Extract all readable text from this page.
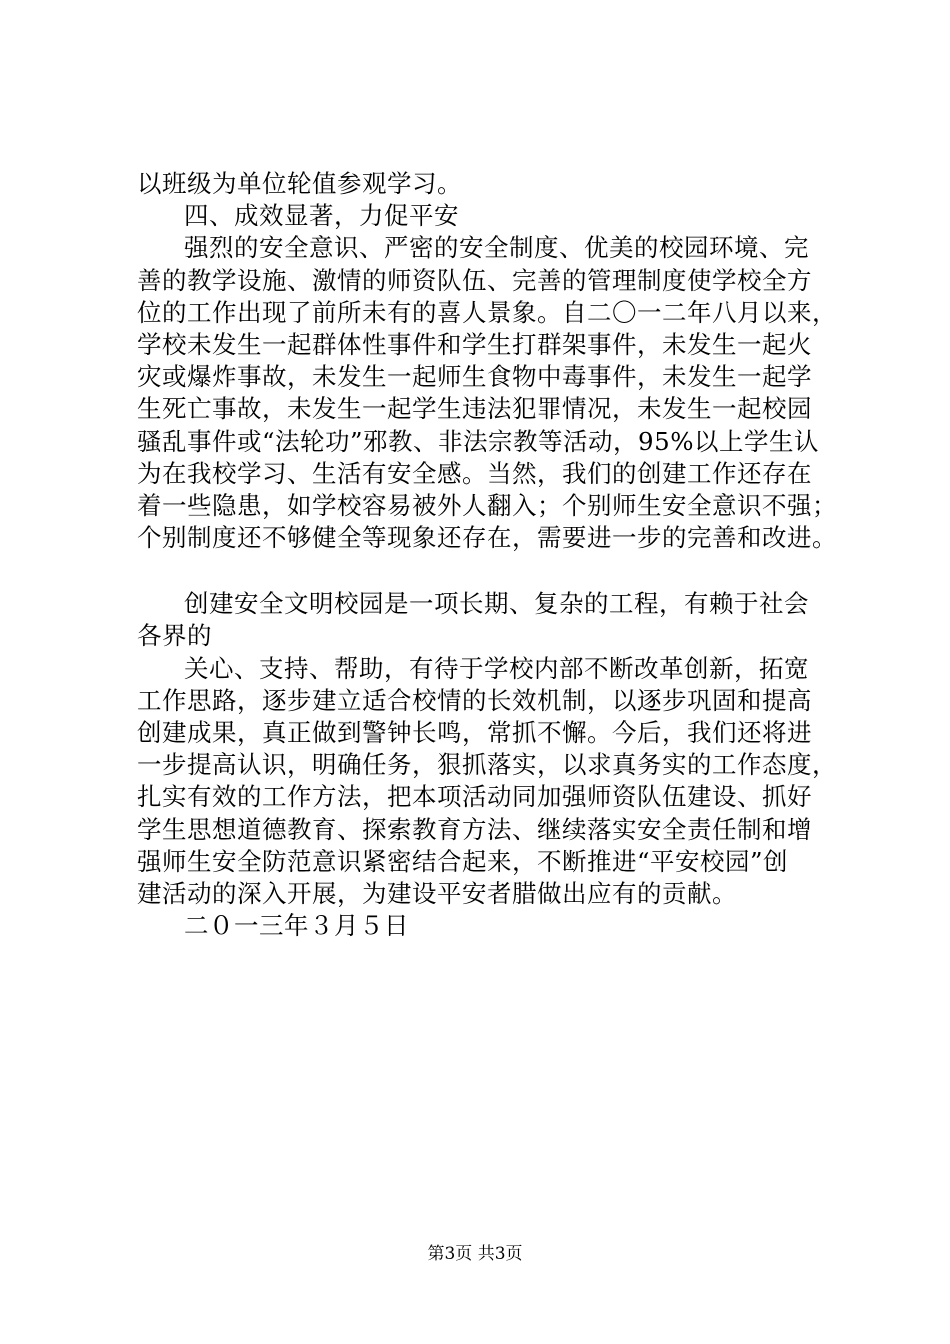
以班级为单位轮值参观学习。
四、成效显著，力促平安
强烈的安全意识、严密的安全制度、优美的校园环境、完
善的教学设施、激情的师资队伍、完善的管理制度使学校全方
位的工作出现了前所未有的喜人景象。自二〇一二年八月以来，
学校未发生一起群体性事件和学生打群架事件，未发生一起火
灾或爆炸事故，未发生一起师生食物中毒事件，未发生一起学
生死亡事故，未发生一起学生违法犯罪情况，未发生一起校园
骚乱事件或“法轮功”邪教、非法宗教等活动，95%以上学生认
为在我校学习、生活有安全感。当然，我们的创建工作还存在
着一些隐患，如学校容易被外人翻入；个别师生安全意识不强；
个别制度还不够健全等现象还存在，需要进一步的完善和改进。
创建安全文明校园是一项长期、复杂的工程，有赖于社会
各界的
关心、支持、帮助，有待于学校内部不断改革创新，拓宽
工作思路，逐步建立适合校情的长效机制，以逐步巩固和提高
创建成果，真正做到警钟长鸣，常抓不懈。今后，我们还将进
一步提高认识，明确任务，狠抓落实，以求真务实的工作态度，
扎实有效的工作方法，把本项活动同加强师资队伍建设、抓好
学生思想道德教育、探索教育方法、继续落实安全责任制和增
强师生安全防范意识紧密结合起来，不断推进“平安校园”创
建活动的深入开展，为建设平安者腊做出应有的贡献。
二０一三年３月５日
第3页 共3页
